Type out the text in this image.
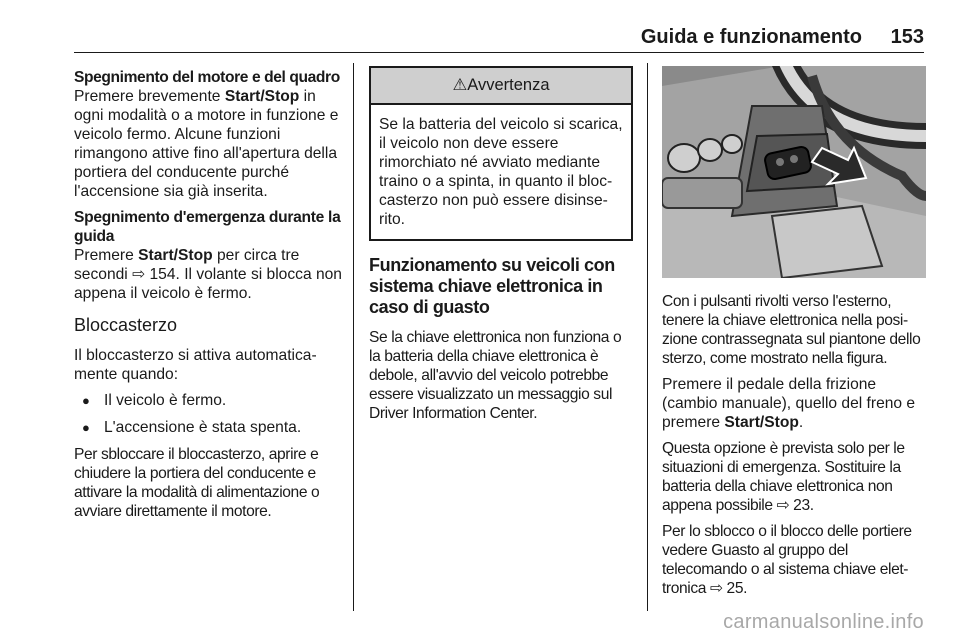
Guida e funzionamento 153

Spegnimento del motore e del quadro
Premere brevemente Start/Stop in ogni modalità o a motore in funzione e veicolo fermo. Alcune funzioni rimangono attive fino all'apertura della portiera del conducente purché l'accensione sia già inserita.

Spegnimento d'emergenza durante la guida
Premere Start/Stop per circa tre secondi ⇨ 154. Il volante si blocca non appena il veicolo è fermo.

Bloccasterzo

Il bloccasterzo si attiva automatica-mente quando:

● Il veicolo è fermo.
● L'accensione è stata spenta.

Per sbloccare il bloccasterzo, aprire e chiudere la portiera del conducente e attivare la modalità di alimentazione o avviare direttamente il motore.

⚠Avvertenza
Se la batteria del veicolo si scarica, il veicolo non deve essere rimorchiato né avviato mediante traino o a spinta, in quanto il bloc-casterzo non può essere disinse-rito.
Funzionamento su veicoli con sistema chiave elettronica in caso di guasto

Se la chiave elettronica non funziona o la batteria della chiave elettronica è debole, all'avvio del veicolo potrebbe essere visualizzato un messaggio sul Driver Information Center.

Con i pulsanti rivolti verso l'esterno, tenere la chiave elettronica nella posi-zione contrassegnata sul piantone dello sterzo, come mostrato nella figura.

Premere il pedale della frizione (cambio manuale), quello del freno e premere Start/Stop.

Questa opzione è prevista solo per le situazioni di emergenza. Sostituire la batteria della chiave elettronica non appena possibile ⇨ 23.

Per lo sblocco o il blocco delle portiere vedere Guasto al gruppo del telecomando o al sistema chiave elet-tronica ⇨ 25.

carmanualsonline.info
